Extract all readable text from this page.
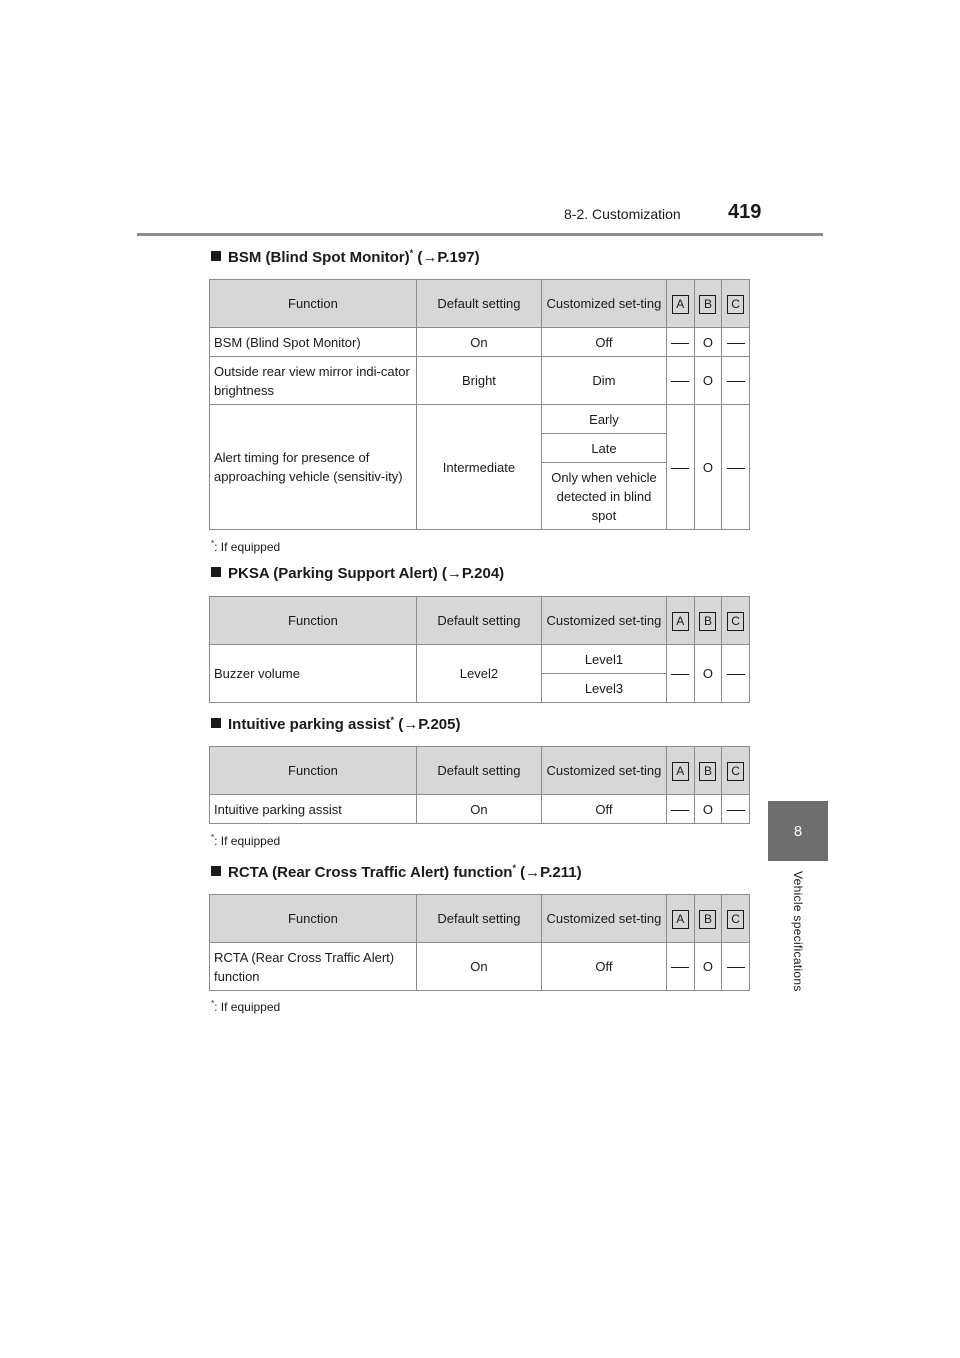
8-2. Customization 419
8
Vehicle specifications
BSM (Blind Spot Monitor)* (→P.197)
Function	Default setting	Customized set-ting	A	B	C
BSM (Blind Spot Monitor)	On	Off		O	
Outside rear view mirror indi-cator brightness	Bright	Dim		O	
Alert timing for presence of approaching vehicle (sensitiv-ity)	Intermediate	Early		O	
		Late			
		Only when vehicle detected in blind spot			
*: If equipped
PKSA (Parking Support Alert) (→P.204)
Function	Default setting	Customized set-ting	A	B	C
Buzzer volume	Level2	Level1		O	
		Level3			
Intuitive parking assist* (→P.205)
Function	Default setting	Customized set-ting	A	B	C
Intuitive parking assist	On	Off		O	
*: If equipped
RCTA (Rear Cross Traffic Alert) function* (→P.211)
Function	Default setting	Customized set-ting	A	B	C
RCTA (Rear Cross Traffic Alert) function	On	Off		O	
*: If equipped
